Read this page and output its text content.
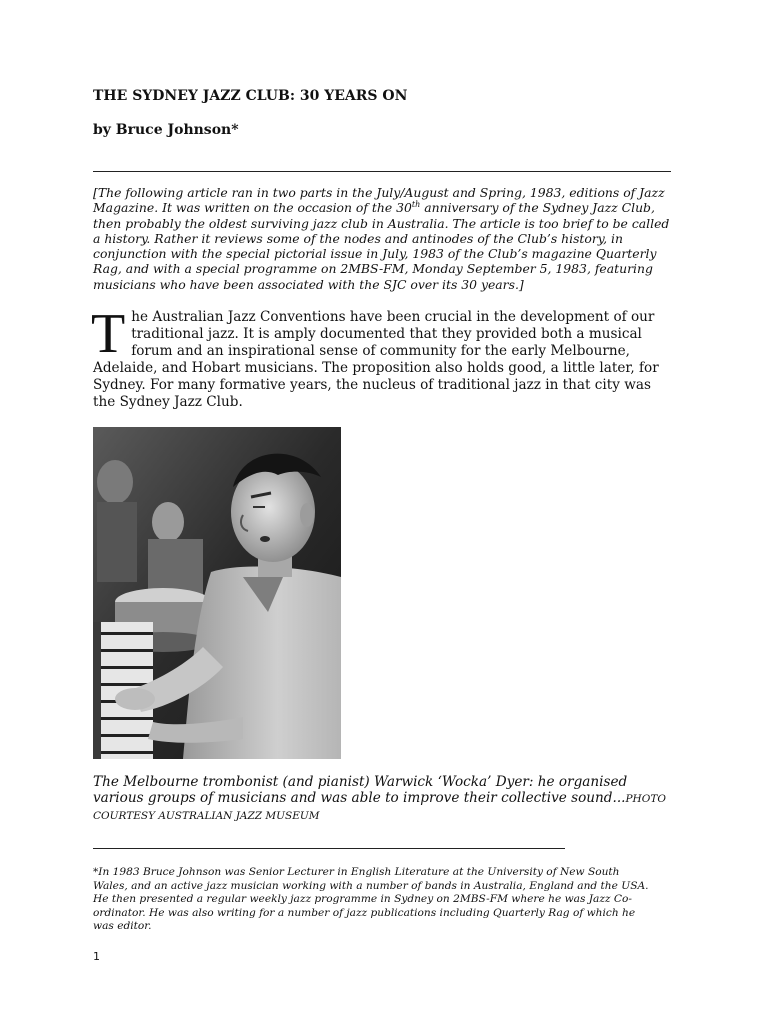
THE SYDNEY JAZZ CLUB: 30 YEARS ON
by Bruce Johnson*
[The following article ran in two parts in the July/August and Spring, 1983, editions of Jazz Magazine. It was written on the occasion of the 30th anniversary of the Sydney Jazz Club, then probably the oldest surviving jazz club in Australia. The article is too brief to be called a history. Rather it reviews some of the nodes and antinodes of the Club’s history, in conjunction with the special pictorial issue in July, 1983 of the Club’s magazine Quarterly Rag, and with a special programme on 2MBS-FM, Monday September 5, 1983, featuring musicians who have been associated with the SJC over its 30 years.]
The Australian Jazz Conventions have been crucial in the development of our traditional jazz. It is amply documented that they provided both a musical forum and an inspirational sense of community for the early Melbourne, Adelaide, and Hobart musicians. The proposition also holds good, a little later, for Sydney. For many formative years, the nucleus of traditional jazz in that city was the Sydney Jazz Club.
The Melbourne trombonist (and pianist) Warwick ‘Wocka’ Dyer: he organised various groups of musicians and was able to improve their collective sound...PHOTO COURTESY AUSTRALIAN JAZZ MUSEUM
*In 1983 Bruce Johnson was Senior Lecturer in English Literature at the University of New South Wales, and an active jazz musician working with a number of bands in Australia, England and the USA. He then presented a regular weekly jazz programme in Sydney on 2MBS-FM where he was Jazz Co-ordinator. He was also writing for a number of jazz publications including Quarterly Rag of which he was editor.
1
